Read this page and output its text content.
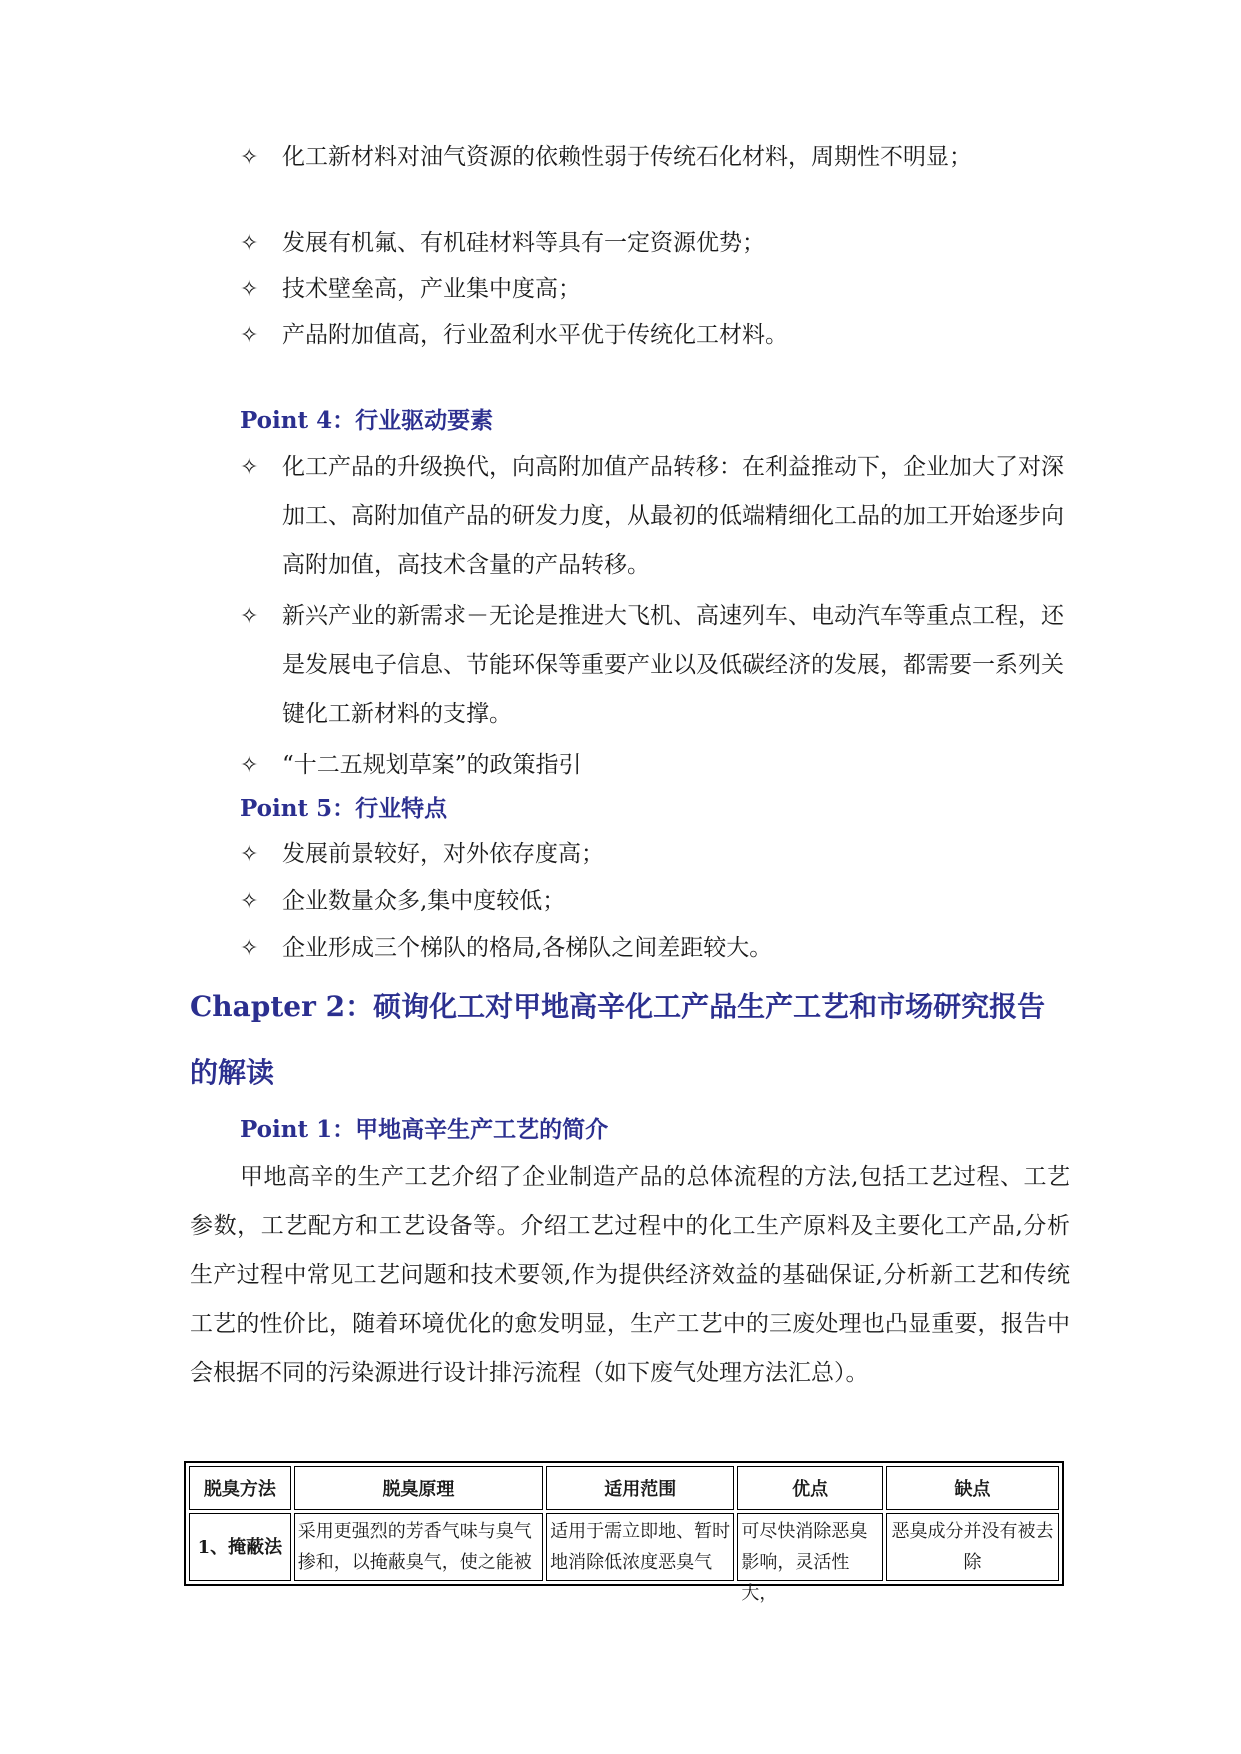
✧	化工新材料对油气资源的依赖性弱于传统石化材料，周期性不明显；
✧	发展有机氟、有机硅材料等具有一定资源优势；
✧	技术壁垒高，产业集中度高；
✧	产品附加值高，行业盈利水平优于传统化工材料。
Point 4：行业驱动要素
✧	化工产品的升级换代，向高附加值产品转移：在利益推动下，企业加大了对深加工、高附加值产品的研发力度，从最初的低端精细化工品的加工开始逐步向高附加值，高技术含量的产品转移。
✧	新兴产业的新需求－无论是推进大飞机、高速列车、电动汽车等重点工程，还是发展电子信息、节能环保等重要产业以及低碳经济的发展，都需要一系列关键化工新材料的支撑。
✧	“十二五规划草案”的政策指引
Point 5：行业特点
✧	发展前景较好，对外依存度高；
✧	企业数量众多,集中度较低；
✧	企业形成三个梯队的格局,各梯队之间差距较大。
Chapter 2：硕询化工对甲地高辛化工产品生产工艺和市场研究报告的解读
Point 1：甲地高辛生产工艺的简介
甲地高辛的生产工艺介绍了企业制造产品的总体流程的方法,包括工艺过程、工艺参数，工艺配方和工艺设备等。介绍工艺过程中的化工生产原料及主要化工产品,分析生产过程中常见工艺问题和技术要领,作为提供经济效益的基础保证,分析新工艺和传统工艺的性价比，随着环境优化的愈发明显，生产工艺中的三废处理也凸显重要，报告中会根据不同的污染源进行设计排污流程（如下废气处理方法汇总）。
脱臭方法	脱臭原理	适用范围	优点	缺点
1、掩蔽法	采用更强烈的芳香气味与臭气掺和，以掩蔽臭气，使之能被	适用于需立即地、暂时地消除低浓度恶臭气	可尽快消除恶臭影响，灵活性大，	恶臭成分并没有被去除
